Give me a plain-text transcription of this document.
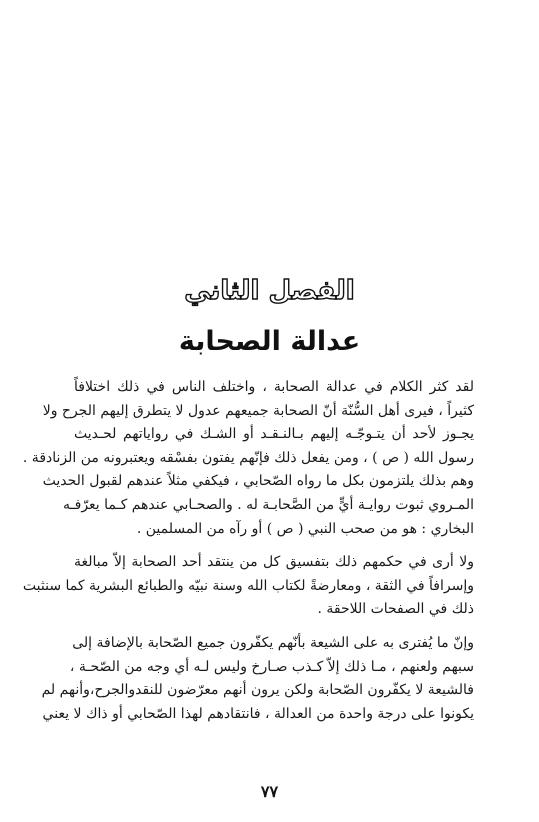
الفصل الثاني
عدالة الصحابة

لقد كثر الكلام في عدالة الصحابة ، واختلف الناس في ذلك اختلافاً
كثيراً ، فيرى أهل السُّنّة أنّ الصحابة جميعهم عدول لا يتطرق إليهم الجرح ولا
يجـوز لأحد أن يتـوجّـه إليهم بـالنـقـد أو الشـك في رواياتهم لحـديث
رسول الله ( ص ) ، ومن يفعل ذلك فإنّهم يفتون بفسْقه ويعتبرونه من الزنادقة .
وهم بذلك يلتزمون بكل ما رواه الصّحابي ، فيكفي مثلاً عندهم لقبول الحديث
المـروي ثبوت روايـة أيٍّ من الصَّحابـة له . والصحـابي عندهم كـما يعرّفـه
البخاري : هو من صحب النبي ( ص ) أو رآه من المسلمين .

ولا أرى في حكمهم ذلك بتفسيق كل من ينتقد أحد الصحابة إلاّ مبالغة
وإسرافاً في الثقة ، ومعارضةً لكتاب الله وسنة نبيّه والطبائع البشرية كما سنثبت
ذلك في الصفحات اللاحقة .

وإنّ ما يُفترى به على الشيعة بأنّهم يكفّرون جميع الصّحابة بالإضافة إلى
سبهم ولعنهم ، مـا ذلك إلاّ كـذب صـارخ وليس لـه أي وجه من الصّحـة ،
فالشيعة لا يكفّرون الصّحابة ولكن يرون أنهم معرّضون للنقدوالجرح،وأنهم لم
يكونوا على درجة واحدة من العدالة ، فانتقادهم لهذا الصّحابي أو ذاك لا يعني

٧٧
